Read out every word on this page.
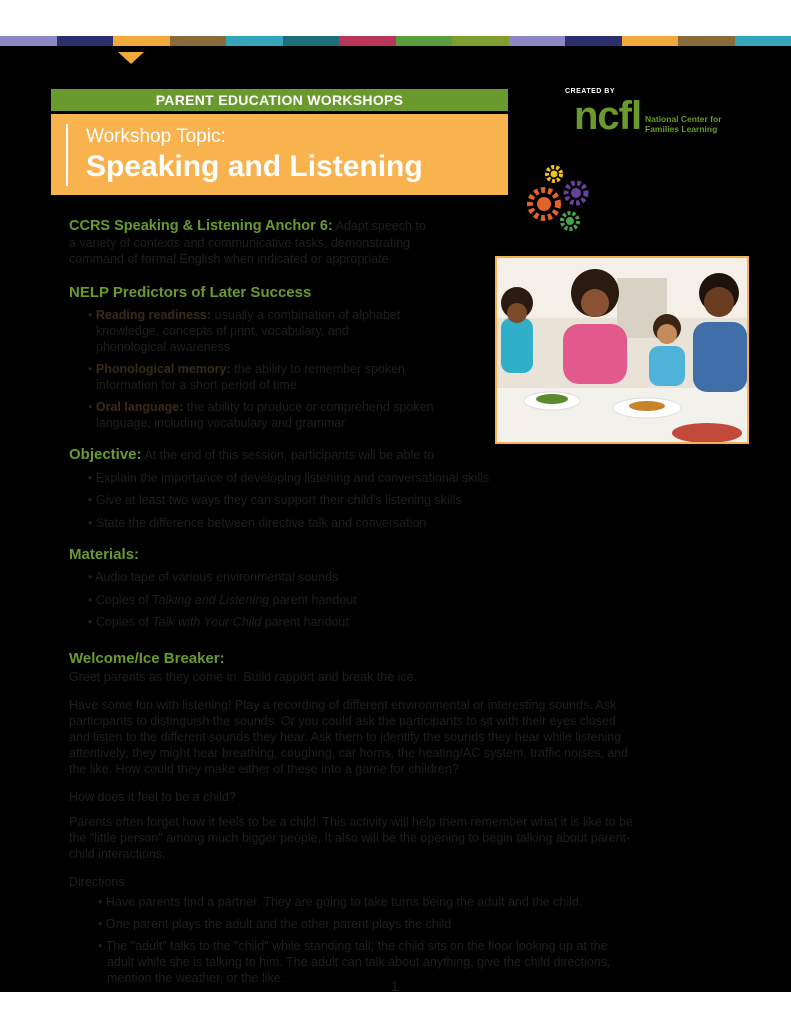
PARENT EDUCATION WORKSHOPS
Workshop Topic:
Speaking and Listening
CREATED BY
ncfl National Center for Families Learning
CCRS Speaking & Listening Anchor 6: Adapt speech to
a variety of contexts and communicative tasks, demonstrating
command of formal English when indicated or appropriate.
NELP Predictors of Later Success
• Reading readiness: usually a combination of alphabet
knowledge, concepts of print, vocabulary, and
phonological awareness
• Phonological memory: the ability to remember spoken
information for a short period of time
• Oral language: the ability to produce or comprehend spoken
language, including vocabulary and grammar
Objective: At the end of this session, participants will be able to
• Explain the importance of developing listening and conversational skills
• Give at least two ways they can support their child's listening skills
• State the difference between directive talk and conversation
Materials:
• Audio tape of various environmental sounds
• Copies of Talking and Listening parent handout
• Copies of Talk with Your Child parent handout
Welcome/Ice Breaker:
Greet parents as they come in. Build rapport and break the ice.
Have some fun with listening! Play a recording of different environmental or interesting sounds. Ask
participants to distinguish the sounds. Or you could ask the participants to sit with their eyes closed
and listen to the different sounds they hear. Ask them to identify the sounds they hear while listening
attentively; they might hear breathing, coughing, car horns, the heating/AC system, traffic noises, and
the like. How could they make either of these into a game for children?
How does it feel to be a child?
Parents often forget how it feels to be a child. This activity will help them remember what it is like to be
the "little person" among much bigger people. It also will be the opening to begin talking about parent-
child interactions.
Directions
• Have parents find a partner. They are going to take turns being the adult and the child.
• One parent plays the adult and the other parent plays the child
• The "adult" talks to the "child" while standing tall; the child sits on the floor looking up at the
adult while she is talking to him. The adult can talk about anything, give the child directions,
mention the weather, or the like.	1
